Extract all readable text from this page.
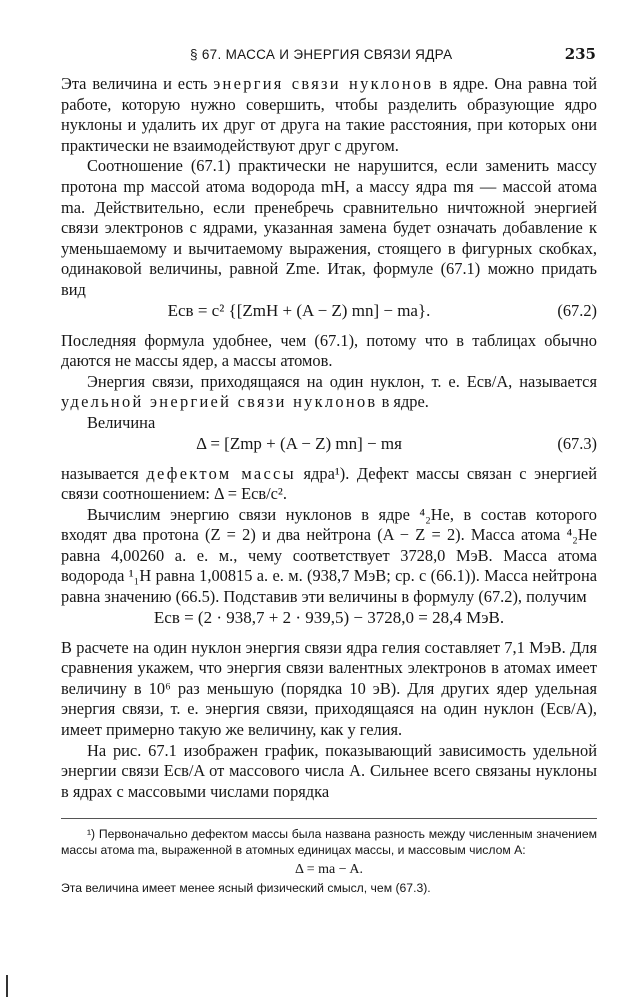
§ 67. МАССА И ЭНЕРГИЯ СВЯЗИ ЯДРА	235

Эта величина и есть энергия связи нуклонов в ядре. Она равна той работе, которую нужно совершить, чтобы разделить образующие ядро нуклоны и удалить их друг от друга на такие расстояния, при которых они практически не взаимодействуют друг с другом.

Соотношение (67.1) практически не нарушится, если заменить массу протона mp массой атома водорода mH, а массу ядра mя — массой атома ma. Действительно, если пренебречь сравнительно ничтожной энергией связи электронов с ядрами, указанная замена будет означать добавление к уменьшаемому и вычитаемому выражения, стоящего в фигурных скобках, одинаковой величины, равной Zme. Итак, формуле (67.1) можно придать вид

Eсв = c² {[ZmH + (A − Z) mn] − ma}.	(67.2)

Последняя формула удобнее, чем (67.1), потому что в таблицах обычно даются не массы ядер, а массы атомов.

Энергия связи, приходящаяся на один нуклон, т. е. Eсв/A, называется удельной энергией связи нуклонов в ядре.

Величина

Δ = [Zmp + (A − Z) mn] − mя	(67.3)

называется дефектом массы ядра¹). Дефект массы связан с энергией связи соотношением: Δ = Eсв/c².

Вычислим энергию связи нуклонов в ядре ⁴₂He, в состав которого входят два протона (Z = 2) и два нейтрона (A − Z = 2). Масса атома ⁴₂He равна 4,00260 а. е. м., чему соответствует 3728,0 МэВ. Масса атома водорода ¹₁H равна 1,00815 а. е. м. (938,7 МэВ; ср. с (66.1)). Масса нейтрона равна значению (66.5). Подставив эти величины в формулу (67.2), получим

Eсв = (2 · 938,7 + 2 · 939,5) − 3728,0 = 28,4 МэВ.

В расчете на один нуклон энергия связи ядра гелия составляет 7,1 МэВ. Для сравнения укажем, что энергия связи валентных электронов в атомах имеет величину в 10⁶ раз меньшую (порядка 10 эВ). Для других ядер удельная энергия связи, т. е. энергия связи, приходящаяся на один нуклон (Eсв/A), имеет примерно такую же величину, как у гелия.

На рис. 67.1 изображен график, показывающий зависимость удельной энергии связи Eсв/A от массового числа A. Сильнее всего связаны нуклоны в ядрах с массовыми числами порядка

¹) Первоначально дефектом массы была названа разность между численным значением массы атома ma, выраженной в атомных единицах массы, и массовым числом A:

Δ = ma − A.

Эта величина имеет менее ясный физический смысл, чем (67.3).
